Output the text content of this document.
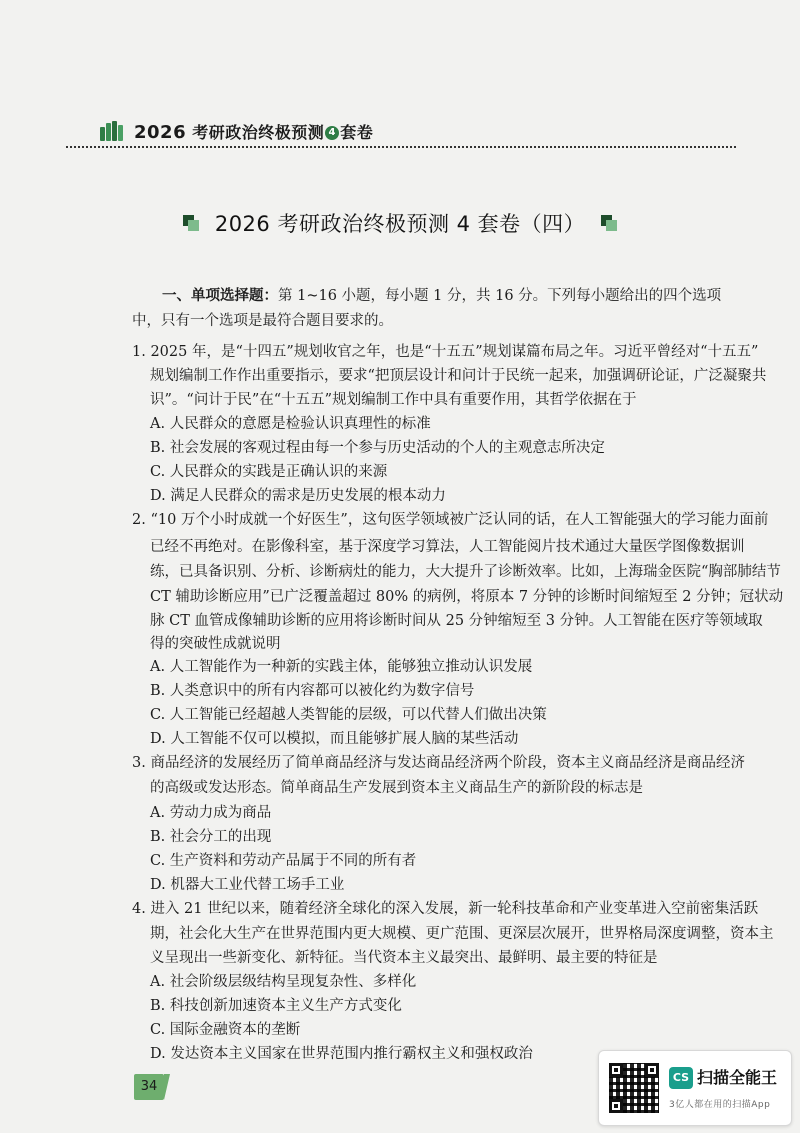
2026 考研政治终极预测 4 套卷
2026 考研政治终极预测 4 套卷（四）
一、单项选择题：第 1~16 小题，每小题 1 分，共 16 分。下列每小题给出的四个选项中，只有一个选项是最符合题目要求的。
1. 2025 年，是“十四五”规划收官之年，也是“十五五”规划谋篇布局之年。习近平曾经对“十五五”
规划编制工作作出重要指示，要求“把顶层设计和问计于民统一起来，加强调研论证，广泛凝聚共
识”。“问计于民”在“十五五”规划编制工作中具有重要作用，其哲学依据在于
A. 人民群众的意愿是检验认识真理性的标准
B. 社会发展的客观过程由每一个参与历史活动的个人的主观意志所决定
C. 人民群众的实践是正确认识的来源
D. 满足人民群众的需求是历史发展的根本动力
2. “10 万个小时成就一个好医生”，这句医学领域被广泛认同的话，在人工智能强大的学习能力面前
已经不再绝对。在影像科室，基于深度学习算法，人工智能阅片技术通过大量医学图像数据训
练，已具备识别、分析、诊断病灶的能力，大大提升了诊断效率。比如，上海瑞金医院“胸部肺结节
CT 辅助诊断应用”已广泛覆盖超过 80% 的病例，将原本 7 分钟的诊断时间缩短至 2 分钟；冠状动
脉 CT 血管成像辅助诊断的应用将诊断时间从 25 分钟缩短至 3 分钟。人工智能在医疗等领域取
得的突破性成就说明
A. 人工智能作为一种新的实践主体，能够独立推动认识发展
B. 人类意识中的所有内容都可以被化约为数字信号
C. 人工智能已经超越人类智能的层级，可以代替人们做出决策
D. 人工智能不仅可以模拟，而且能够扩展人脑的某些活动
3. 商品经济的发展经历了简单商品经济与发达商品经济两个阶段，资本主义商品经济是商品经济
的高级或发达形态。简单商品生产发展到资本主义商品生产的新阶段的标志是
A. 劳动力成为商品
B. 社会分工的出现
C. 生产资料和劳动产品属于不同的所有者
D. 机器大工业代替工场手工业
4. 进入 21 世纪以来，随着经济全球化的深入发展，新一轮科技革命和产业变革进入空前密集活跃
期，社会化大生产在世界范围内更大规模、更广范围、更深层次展开，世界格局深度调整，资本主
义呈现出一些新变化、新特征。当代资本主义最突出、最鲜明、最主要的特征是
A. 社会阶级层级结构呈现复杂性、多样化
B. 科技创新加速资本主义生产方式变化
C. 国际金融资本的垄断
D. 发达资本主义国家在世界范围内推行霸权主义和强权政治
34
CS 扫描全能王
3亿人都在用的扫描App
